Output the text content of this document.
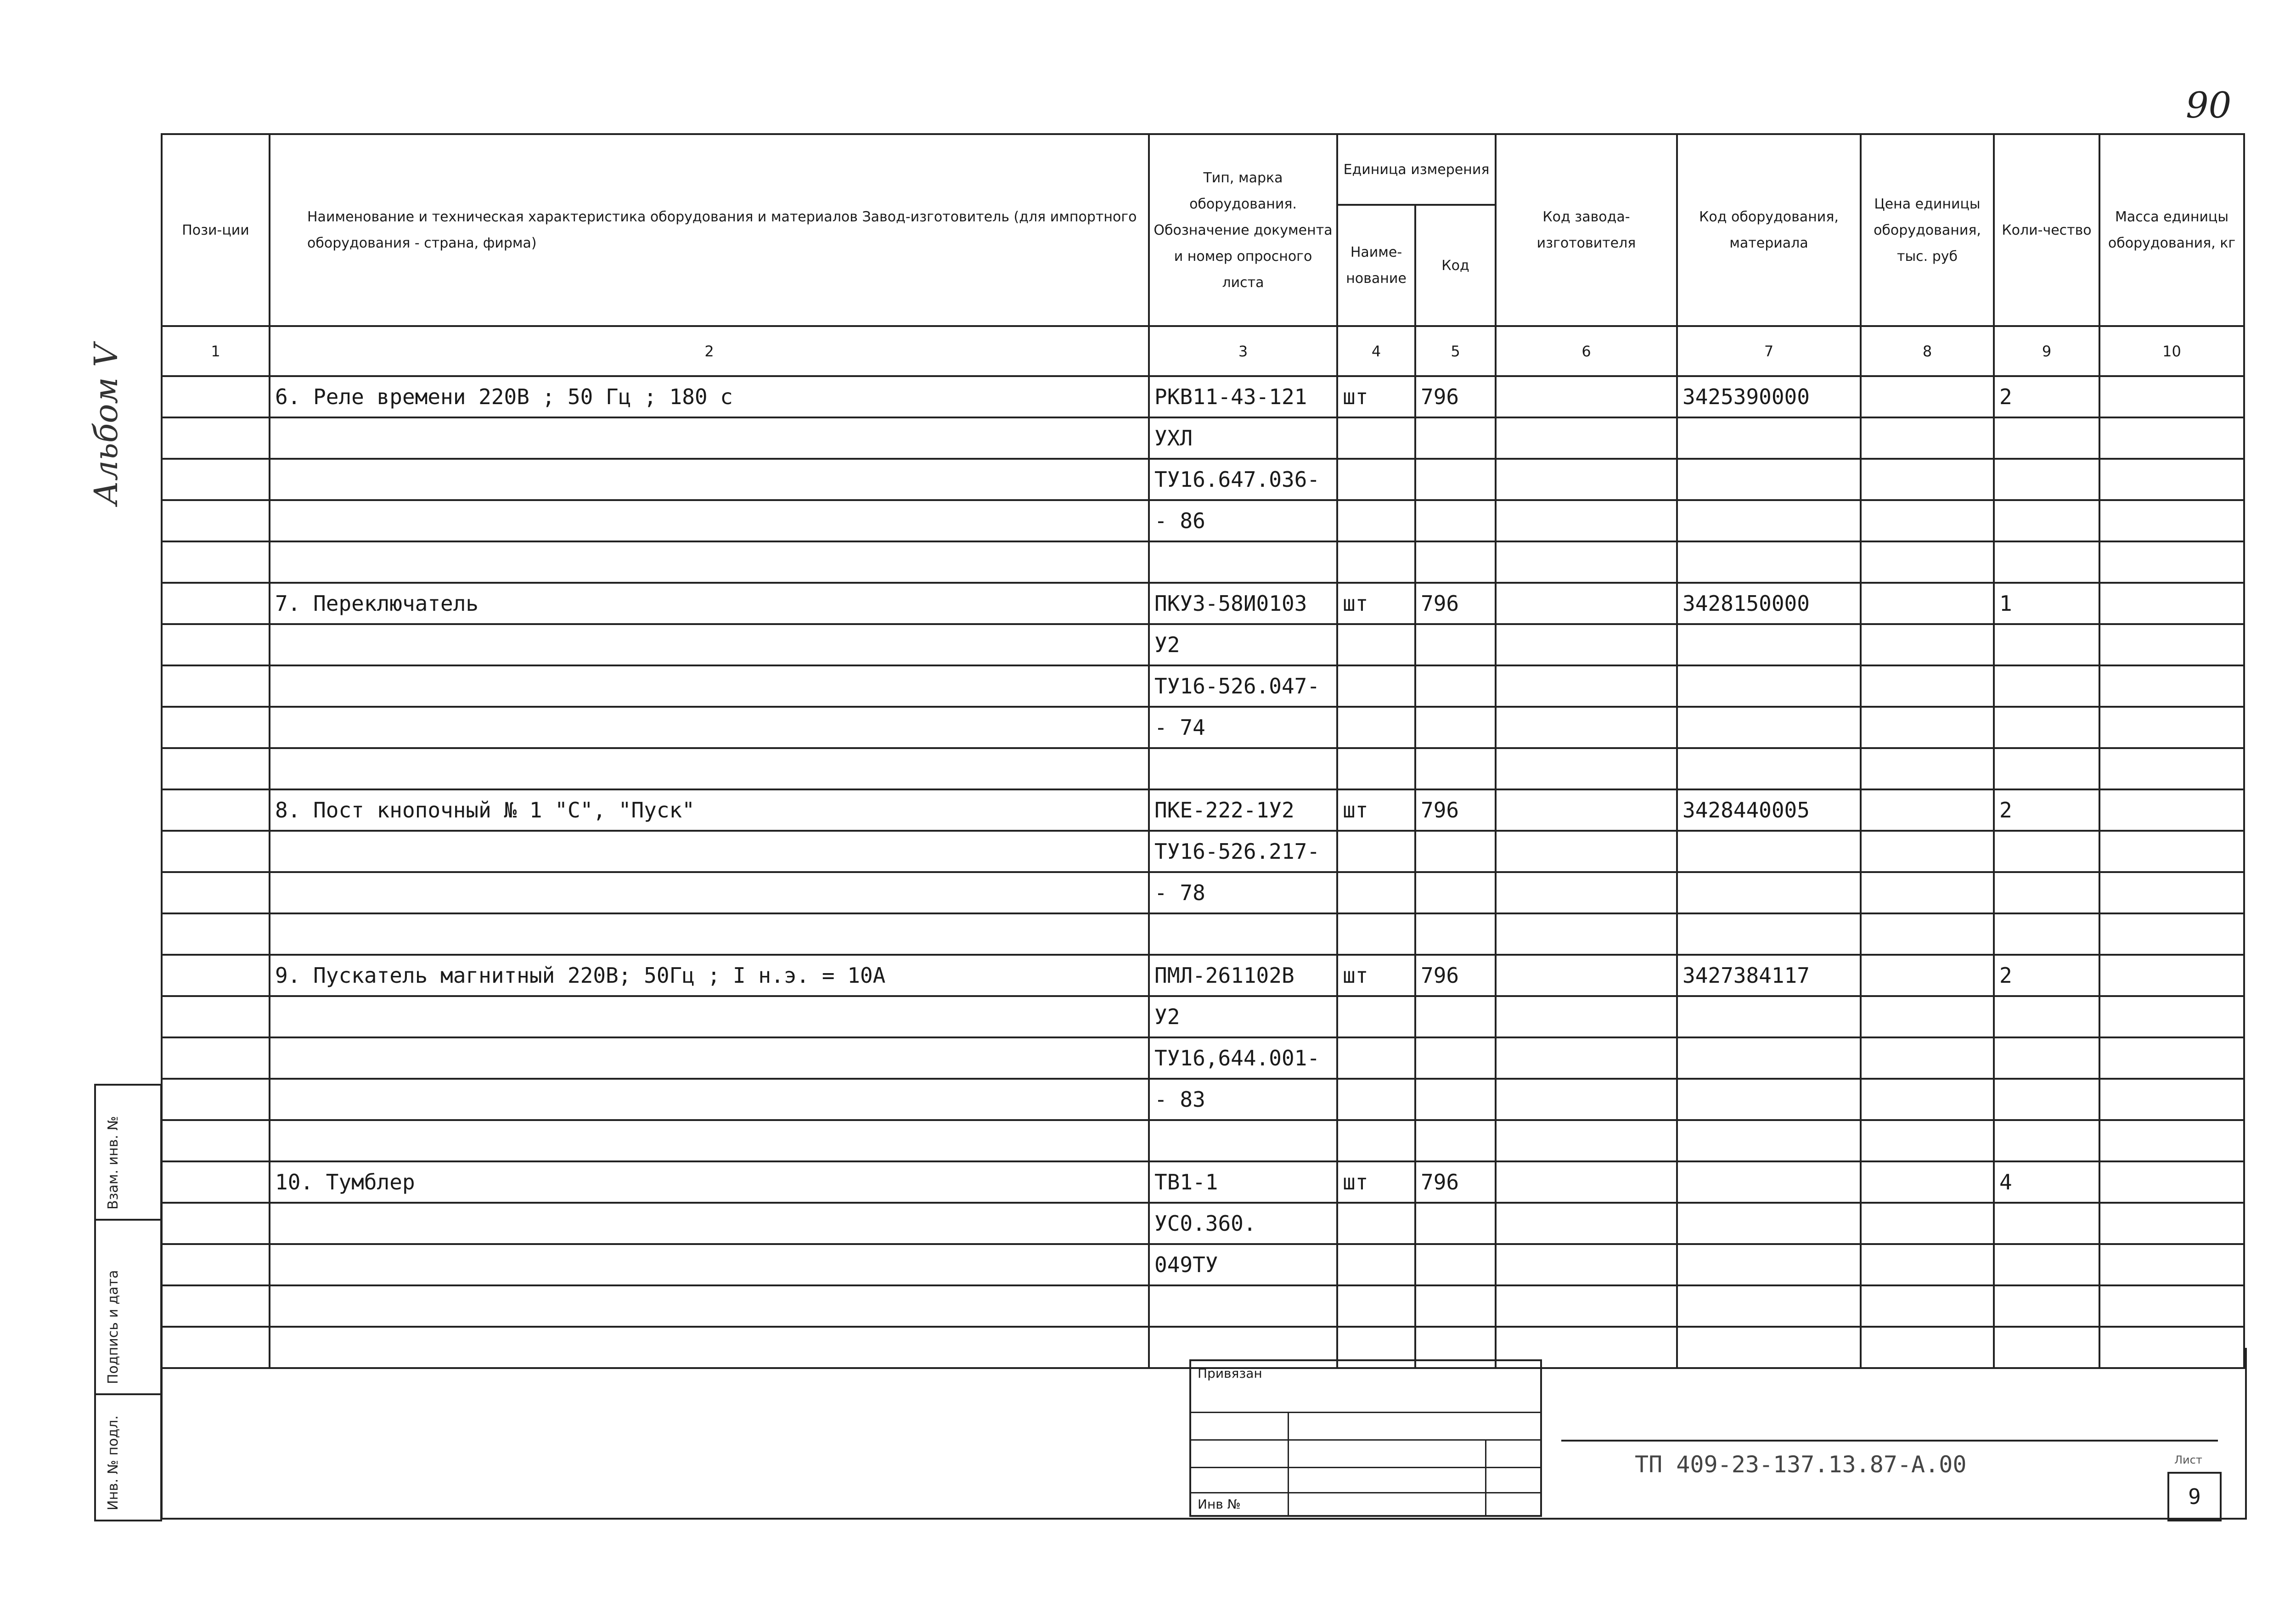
90
Альбом V
Пози-ции	Наименование и техническая характеристика оборудования и материалов Завод-изготовитель (для импортного оборудования - страна, фирма)	Тип, марка оборудования. Обозначение документа и номер опросного листа	Единица измерения		Код завода-изготовителя	Код оборудования, материала	Цена единицы оборудования, тыс. руб	Коли-чество	Масса единицы оборудования, кг
			Наиме-нование	Код					
1	2	3	4	5	6	7	8	9	10
	6. Реле времени 220В ; 50 Гц ; 180 с	РКВ11-43-121	шт	796		3425390000		2	
		УХЛ							
		ТУ16.647.036-							
		- 86							

	7. Переключатель	ПКУ3-58И0103	шт	796		3428150000		1	
		У2							
		ТУ16-526.047-							
		- 74							

	8. Пост кнопочный № 1 "С", "Пуск"	ПКЕ-222-1У2	шт	796		3428440005		2	
		ТУ16-526.217-							
		- 78							

	9. Пускатель магнитный 220В; 50Гц ; I н.э. = 10А	ПМЛ-261102В	шт	796		3427384117		2	
		У2							
		ТУ16,644.001-							
		- 83							

	10. Тумблер	ТВ1-1	шт	796				4	
		УС0.360.							
		049ТУ							

Взам. инв. №
Подпись и дата
Инв. № подл.
Привязан
Инв №
ТП 409-23-137.13.87-А.00	Лист
9
